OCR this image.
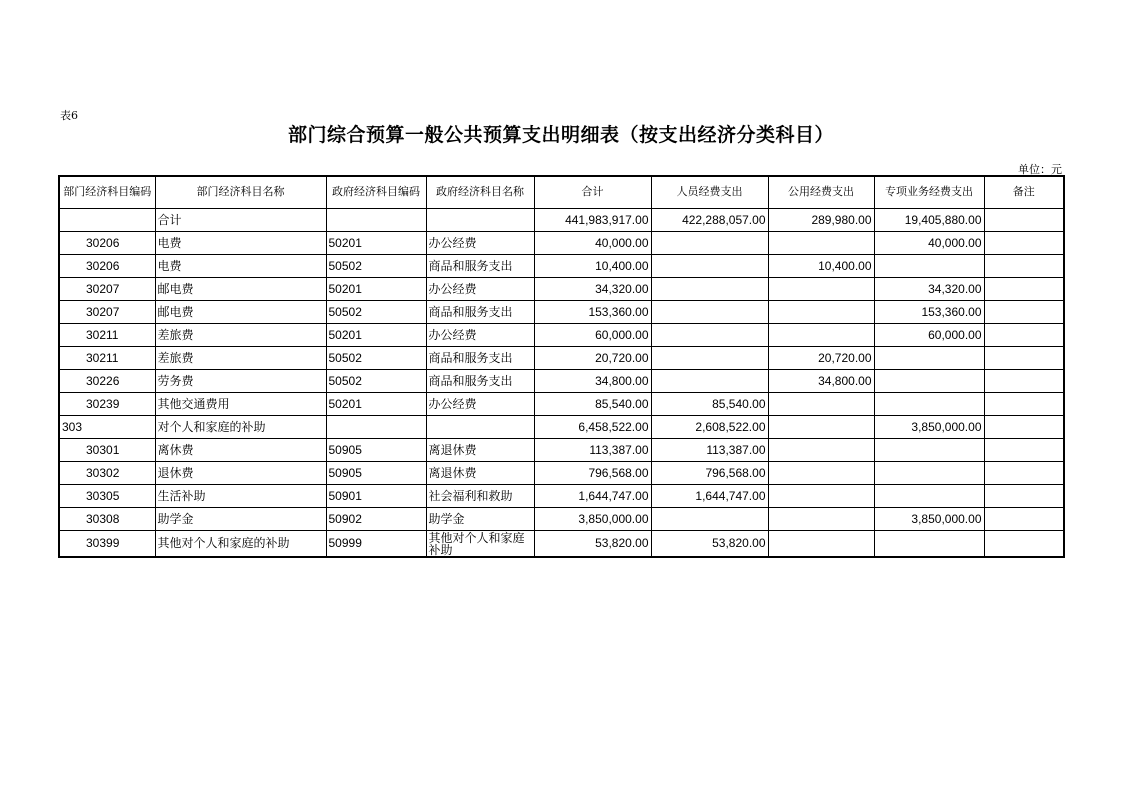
表6
部门综合预算一般公共预算支出明细表（按支出经济分类科目）
单位：元
部门经济科目编码	部门经济科目名称	政府经济科目编码	政府经济科目名称	合计	人员经费支出	公用经费支出	专项业务经费支出	备注
	合计			441,983,917.00	422,288,057.00	289,980.00	19,405,880.00	
30206	电费	50201	办公经费	40,000.00			40,000.00	
30206	电费	50502	商品和服务支出	10,400.00		10,400.00		
30207	邮电费	50201	办公经费	34,320.00			34,320.00	
30207	邮电费	50502	商品和服务支出	153,360.00			153,360.00	
30211	差旅费	50201	办公经费	60,000.00			60,000.00	
30211	差旅费	50502	商品和服务支出	20,720.00		20,720.00		
30226	劳务费	50502	商品和服务支出	34,800.00		34,800.00		
30239	其他交通费用	50201	办公经费	85,540.00	85,540.00			
303	对个人和家庭的补助			6,458,522.00	2,608,522.00		3,850,000.00	
30301	离休费	50905	离退休费	113,387.00	113,387.00			
30302	退休费	50905	离退休费	796,568.00	796,568.00			
30305	生活补助	50901	社会福利和救助	1,644,747.00	1,644,747.00			
30308	助学金	50902	助学金	3,850,000.00			3,850,000.00	
30399	其他对个人和家庭的补助	50999	其他对个人和家庭补助	53,820.00	53,820.00			
